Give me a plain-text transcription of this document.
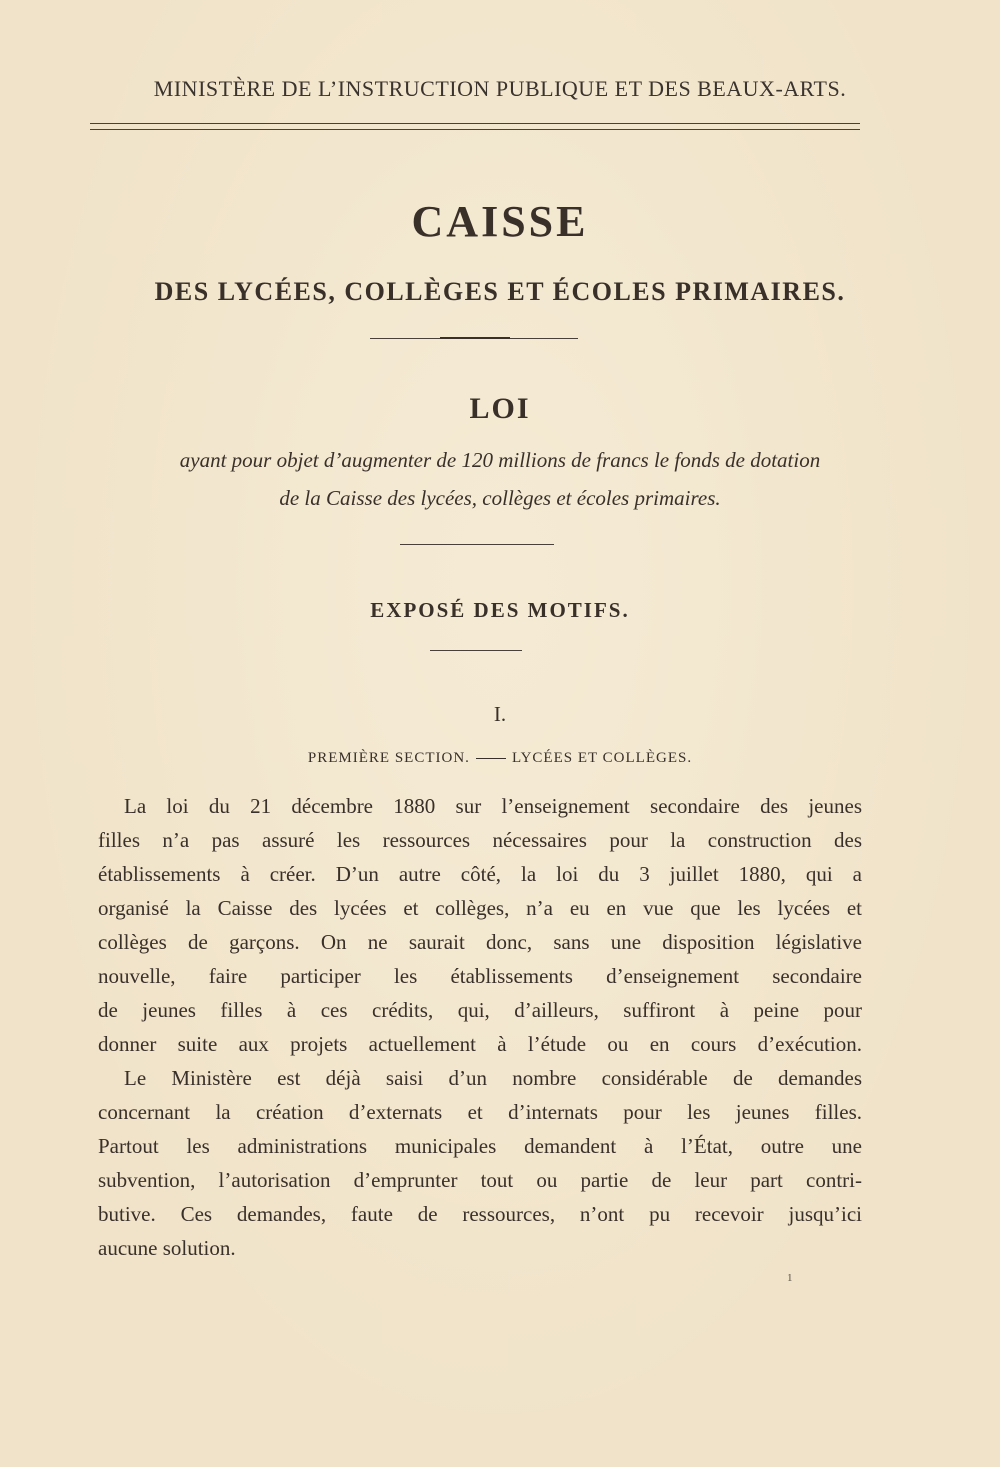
MINISTÈRE DE L’INSTRUCTION PUBLIQUE ET DES BEAUX-ARTS.
CAISSE
DES LYCÉES, COLLÈGES ET ÉCOLES PRIMAIRES.
LOI
ayant pour objet d’augmenter de 120 millions de francs le fonds de dotation
de la Caisse des lycées, collèges et écoles primaires.
EXPOSÉ DES MOTIFS.
I.
PREMIÈRE SECTION.	LYCÉES ET COLLÈGES.
La loi du 21 décembre 1880 sur l’enseignement secondaire des jeunes
filles n’a pas assuré les ressources nécessaires pour la construction des
établissements à créer. D’un autre côté, la loi du 3 juillet 1880, qui a
organisé la Caisse des lycées et collèges, n’a eu en vue que les lycées et
collèges de garçons. On ne saurait donc, sans une disposition législative
nouvelle, faire participer les établissements d’enseignement secondaire
de jeunes filles à ces crédits, qui, d’ailleurs, suffiront à peine pour
donner suite aux projets actuellement à l’étude ou en cours d’exécution.
Le Ministère est déjà saisi d’un nombre considérable de demandes
concernant la création d’externats et d’internats pour les jeunes filles.
Partout les administrations municipales demandent à l’État, outre une
subvention, l’autorisation d’emprunter tout ou partie de leur part contri-
butive. Ces demandes, faute de ressources, n’ont pu recevoir jusqu’ici
aucune solution.
1
